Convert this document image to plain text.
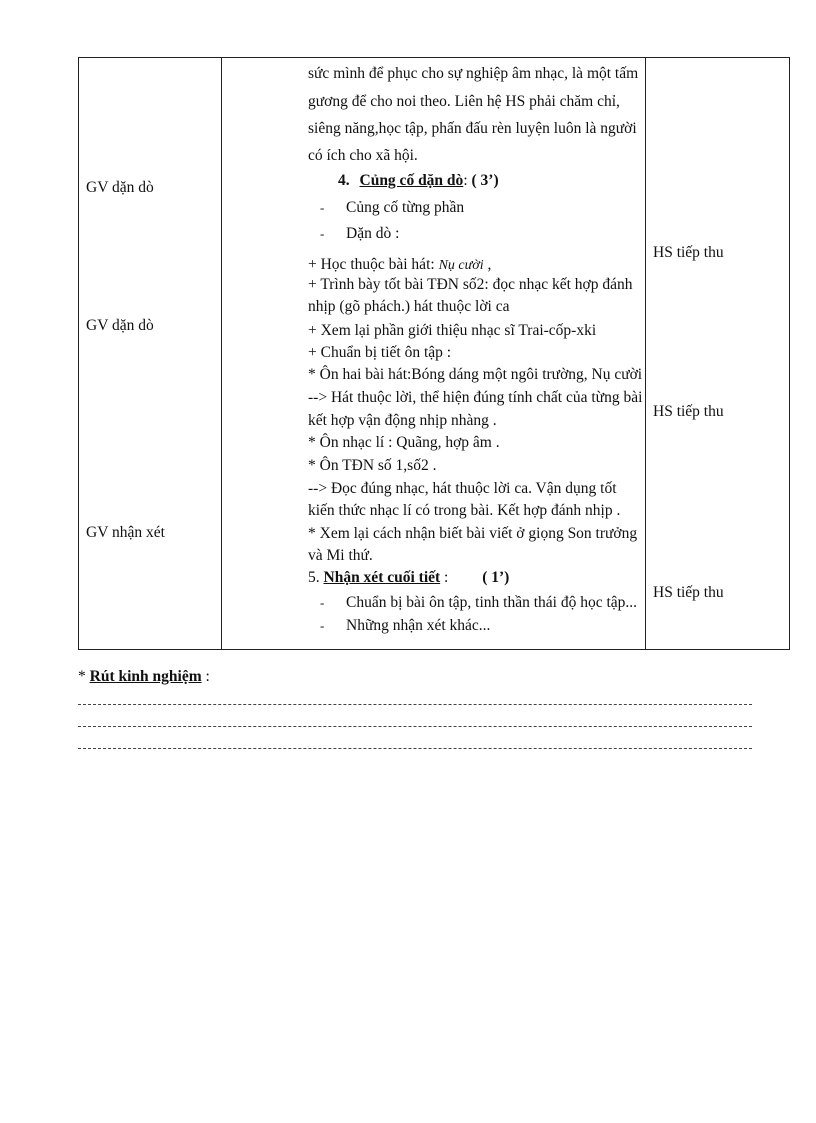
GV dặn dò
GV dặn dò
GV nhận xét
HS tiếp thu
HS tiếp thu
HS tiếp thu
sức mình để phục cho sự nghiệp âm nhạc, là một tấm
gương để cho noi theo. Liên hệ HS phải chăm chỉ,
siêng năng,học tập, phấn đấu rèn luyện luôn là người
có ích cho xã hội.
4. Củng cố dặn dò: ( 3’)
- Củng cố từng phần
- Dặn dò :
+ Học thuộc bài hát: Nụ cười ,
+ Trình bày tốt bài TĐN số2: đọc nhạc kết hợp đánh
nhịp (gõ phách.) hát thuộc lời ca
+ Xem lại phần giới thiệu nhạc sĩ Trai-cốp-xki
+ Chuẩn bị tiết ôn tập :
* Ôn hai bài hát:Bóng dáng một ngôi trường, Nụ cười
--> Hát thuộc lời, thể hiện đúng tính chất của từng bài
kết hợp vận động nhịp nhàng .
* Ôn nhạc lí : Quãng, hợp âm .
* Ôn TĐN số 1,số2 .
--> Đọc đúng nhạc, hát thuộc lời ca. Vận dụng tốt
kiến thức nhạc lí có trong bài. Kết hợp đánh nhịp .
* Xem lại cách nhận biết bài viết ở giọng Son trưởng
và Mi thứ.
5. Nhận xét cuối tiết : ( 1’)
- Chuẩn bị bài ôn tập, tinh thần thái độ học tập...
- Những nhận xét khác...
* Rút kinh nghiệm :
